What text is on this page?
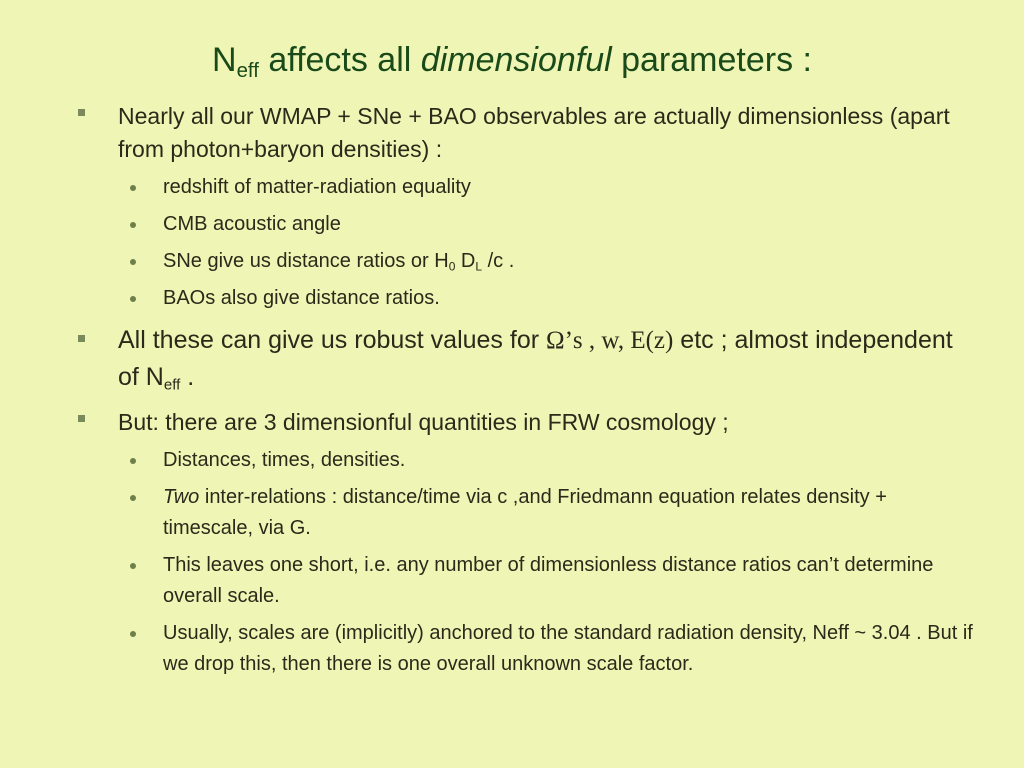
$N_{eff}$ affects all dimensionful parameters :
Nearly all our WMAP + SNe + BAO observables are actually dimensionless (apart from photon+baryon densities) :
redshift of matter-radiation equality
CMB acoustic angle
SNe give us distance ratios or $H_0$ $D_L$ /c .
BAOs also give distance ratios.
All these can give us robust values for Ω’s , w, E(z) etc ; almost independent of $N_{eff}$ .
But: there are 3 dimensionful quantities in FRW cosmology ;
Distances, times, densities.
Two inter-relations : distance/time via c ,and Friedmann equation relates density + timescale, via G.
This leaves one short, i.e. any number of dimensionless distance ratios can’t determine overall scale.
Usually, scales are (implicitly) anchored to the standard radiation density, Neff ~ 3.04 . But if we drop this, then there is one overall unknown scale factor.
